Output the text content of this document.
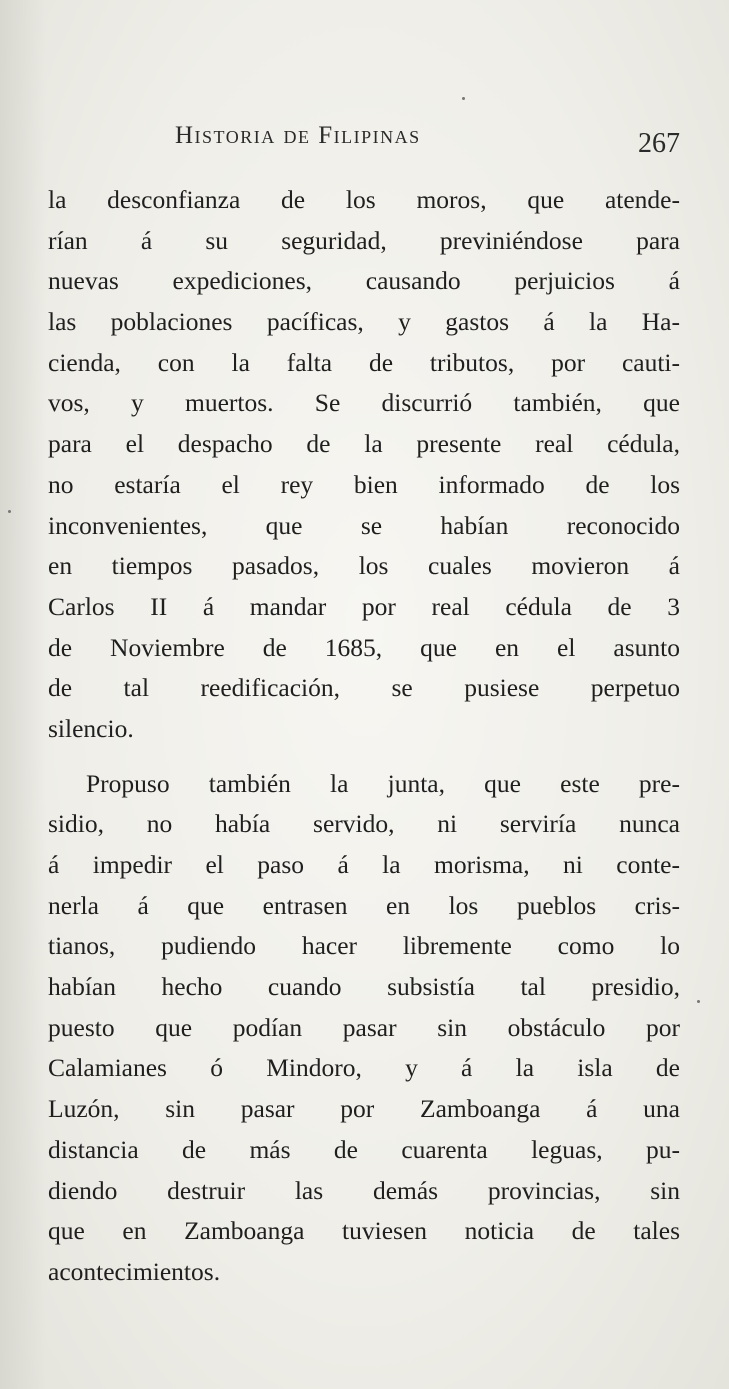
Historia de Filipinas	267
la desconfianza de los moros, que atende-
rían á su seguridad, previniéndose para
nuevas expediciones, causando perjuicios á
las poblaciones pacíficas, y gastos á la Ha-
cienda, con la falta de tributos, por cauti-
vos, y muertos. Se discurrió también, que
para el despacho de la presente real cédula,
no estaría el rey bien informado de los
inconvenientes, que se habían reconocido
en tiempos pasados, los cuales movieron á
Carlos II á mandar por real cédula de 3
de Noviembre de 1685, que en el asunto
de tal reedificación, se pusiese perpetuo
silencio.
Propuso también la junta, que este pre-
sidio, no había servido, ni serviría nunca
á impedir el paso á la morisma, ni conte-
nerla á que entrasen en los pueblos cris-
tianos, pudiendo hacer libremente como lo
habían hecho cuando subsistía tal presidio,
puesto que podían pasar sin obstáculo por
Calamianes ó Mindoro, y á la isla de
Luzón, sin pasar por Zamboanga á una
distancia de más de cuarenta leguas, pu-
diendo destruir las demás provincias, sin
que en Zamboanga tuviesen noticia de tales
acontecimientos.
